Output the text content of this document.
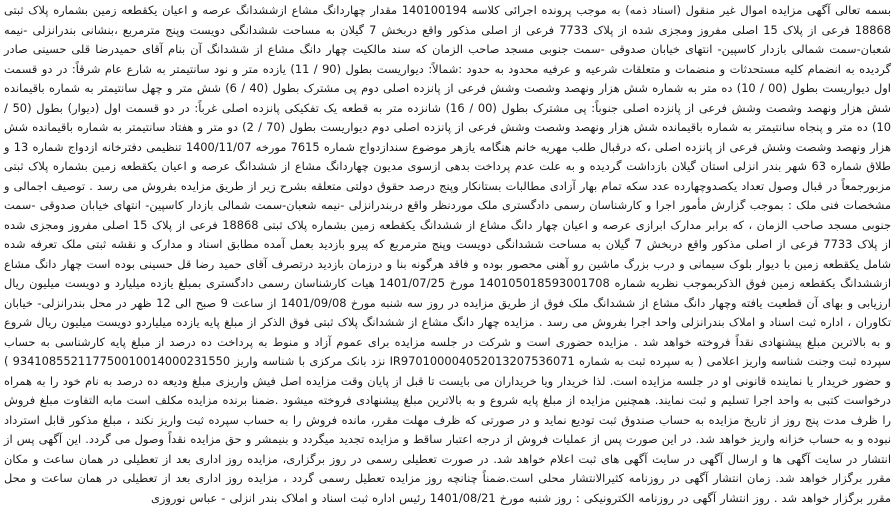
بسمه تعالی آگهی مزایده اموال غیر منقول (اسناد ذمه) به موجب پرونده اجرائی کلاسه 140100194 مقدار چهاردانگ مشاع ازششدانگ عرصه و اعیان یکقطعه زمین بشماره پلاک ثبتی 18868 فرعی از پلاک 15 اصلی مفروز ومجزی شده از پلاک 7733 فرعی از اصلی مذکور واقع دربخش 7 گیلان به مساحت ششدانگی دویست وپنج مترمربع ،بنشانی بندرانزلی -نیمه شعبان-سمت شمالی بازدار کاسپین- انتهای خیابان صدوقی -سمت جنوبی مسجد صاحب الزمان که سند مالکیت چهار دانگ مشاع از ششدانگ آن بنام آقای حمیدرضا قلی حسینی صادر گردیده به انضمام کلیه مستحدثات و منضمات و متعلقات شرعیه و عرفیه محدود به حدود :شمالاً: دیواریست بطول (90 / 11) یازده متر و نود سانتیمتر به شارع عام شرقاً: در دو قسمت اول دیواریست بطول (00 / 10) ده متر به شماره شش هزار ونهصد وشصت وشش فرعی از پانزده اصلی دوم پی مشترک بطول (40 / 6) شش متر و چهل سانتیمتر به شماره باقیمانده شش هزار ونهصد وشصت وشش فرعی از پانزده اصلی جنوباً: پی مشترک بطول (00 / 16) شانزده متر به قطعه یک تفکیکی پانزده اصلی غرباً: در دو قسمت اول (دیوار) بطول (50 / 10) ده متر و پنجاه سانتیمتر به شماره باقیمانده شش هزار ونهصد وشصت وشش فرعی از پانزده اصلی دوم دیواریست بطول (70 / 2) دو متر و هفتاد سانتیمتر به شماره باقیمانده شش هزار ونهصد وشصت وشش فرعی از پانزده اصلی ،که درقبال طلب مهریه خانم هنگامه یازهر موضوع سندازدواج شماره 7615 مورخه 1400/11/07 تنظیمی دفترخانه ازدواج شماره 13 و طلاق شماره 63 شهر بندر انزلی استان گیلان بازداشت گردیده و به علت عدم پرداخت بدهی ازسوی مدیون چهاردانگ مشاع از ششدانگ عرصه و اعیان یکقطعه زمین بشماره پلاک ثبتی مزبورجمعاً در قبال وصول تعداد یکصدوچهارده عدد سکه تمام بهار آزادی مطالبات بستانکار وپنج درصد حقوق دولتی متعلقه بشرح زیر از طریق مزایده بفروش می رسد . توصیف اجمالی و مشخصات فنی ملک : بموجب گزارش مأمور اجرا و کارشناسان رسمی دادگستری ملک موردنظر واقع دربندرانزلی -نیمه شعبان-سمت شمالی بازدار کاسپین- انتهای خیابان صدوقی -سمت جنوبی مسجد صاحب الزمان ، که برابر مدارک ابرازی عرصه و اعیان چهار دانگ مشاع از ششدانگ یکقطعه زمین بشماره پلاک ثبتی 18868 فرعی از پلاک 15 اصلی مفروز ومجزی شده از پلاک 7733 فرعی از اصلی مذکور واقع دربخش 7 گیلان به مساحت ششدانگی دویست وپنج مترمربع که پیرو بازدید بعمل آمده مطابق اسناد و مدارک و نقشه ثبتی ملک تعرفه شده شامل یکقطعه زمین با دیوار بلوک سیمانی و درب بزرگ ماشین رو آهنی محصور بوده و فاقد هرگونه بنا و درزمان بازدید درتصرف آقای حمید رضا قل حسینی بوده است چهار دانگ مشاع ازششدانگ یکقطعه زمین فوق الذکربموجب نظریه شماره 140105018593001708 مورخ 1401/07/25 هیات کارشناسان رسمی دادگستری بمبلغ یازده میلیارد و دویست میلیون ریال ارزیابی و بهای آن قطعیت یافته وچهار دانگ مشاع از ششدانگ ملک فوق از طریق مزایده در روز سه شنبه مورخ 1401/09/08 از ساعت 9 صبح الی 12 ظهر در محل بندرانزلی- خیابان تکاوران ، اداره ثبت اسناد و املاک بندرانزلی واحد اجرا بفروش می رسد . مزایده چهار دانگ مشاع از ششدانگ پلاک ثبتی فوق الذکر از مبلغ پایه یازده میلیاردو دویست میلیون ریال شروع و به بالاترین مبلغ پیشنهادی نقداً فروخته خواهد شد . مزایده حضوری است و شرکت در جلسه مزایده برای عموم آزاد و منوط به پرداخت ده درصد از مبلغ پایه کارشناسی به حساب سپرده ثبت وجنت شناسه واریز اعلامی ( به سپرده ثبت به شماره IR970100004052013207536071 نزد بانک مرکزی با شناسه واریز 934108552117750010014000231550 ) و حضور خریدار یا نماینده قانونی او در جلسه مزایده است. لذا خریدار ویا خریداران می بایست تا قبل از پایان وقت مزایده اصل فیش واریزی مبلغ ودیعه ده درصد به نام خود را به همراه درخواست کتبی به واحد اجرا تسلیم و ثبت نمایند. همچنین مزایده از مبلغ پایه شروع و به بالاترین مبلغ پیشنهادی فروخته میشود .ضمنا برنده مزایده مکلف است مابه التفاوت مبلغ فروش را ظرف مدت پنج روز از تاریخ مزایده به حساب صندوق ثبت تودیع نماید و در صورتی که ظرف مهلت مقرر، مانده فروش را به حساب سپرده ثبت واریز نکند ، مبلغ مذکور قابل استرداد نبوده و به حساب خزانه واریز خواهد شد. در این صورت پس از عملیات فروش از درجه اعتبار ساقط و مزایده تجدید میگردد و بنیمشر و حق مزایده نقداً وصول می گردد. این آگهی پس از انتشار در سایت آگهی ها و ارسال آگهی در سایت آگهی های ثبت اعلام خواهد شد. در صورت تعطیلی رسمی در روز برگزاری، مزایده روز اداری بعد از تعطیلی در همان ساعت و مکان مقرر برگزار خواهد شد. زمان انتشار آگهی در روزنامه کثیرالانتشار محلی است.ضمناً چنانچه روز مزایده تعطیل رسمی گردد ، مزایده روز اداری بعد از تعطیلی در همان ساعت و محل مقرر برگزار خواهد شد . روز انتشار آگهی در روزنامه الکترونیکی : روز شنبه مورخ 1401/08/21 رئیس اداره ثبت اسناد و املاک بندر انزلی - عباس نوروزی
